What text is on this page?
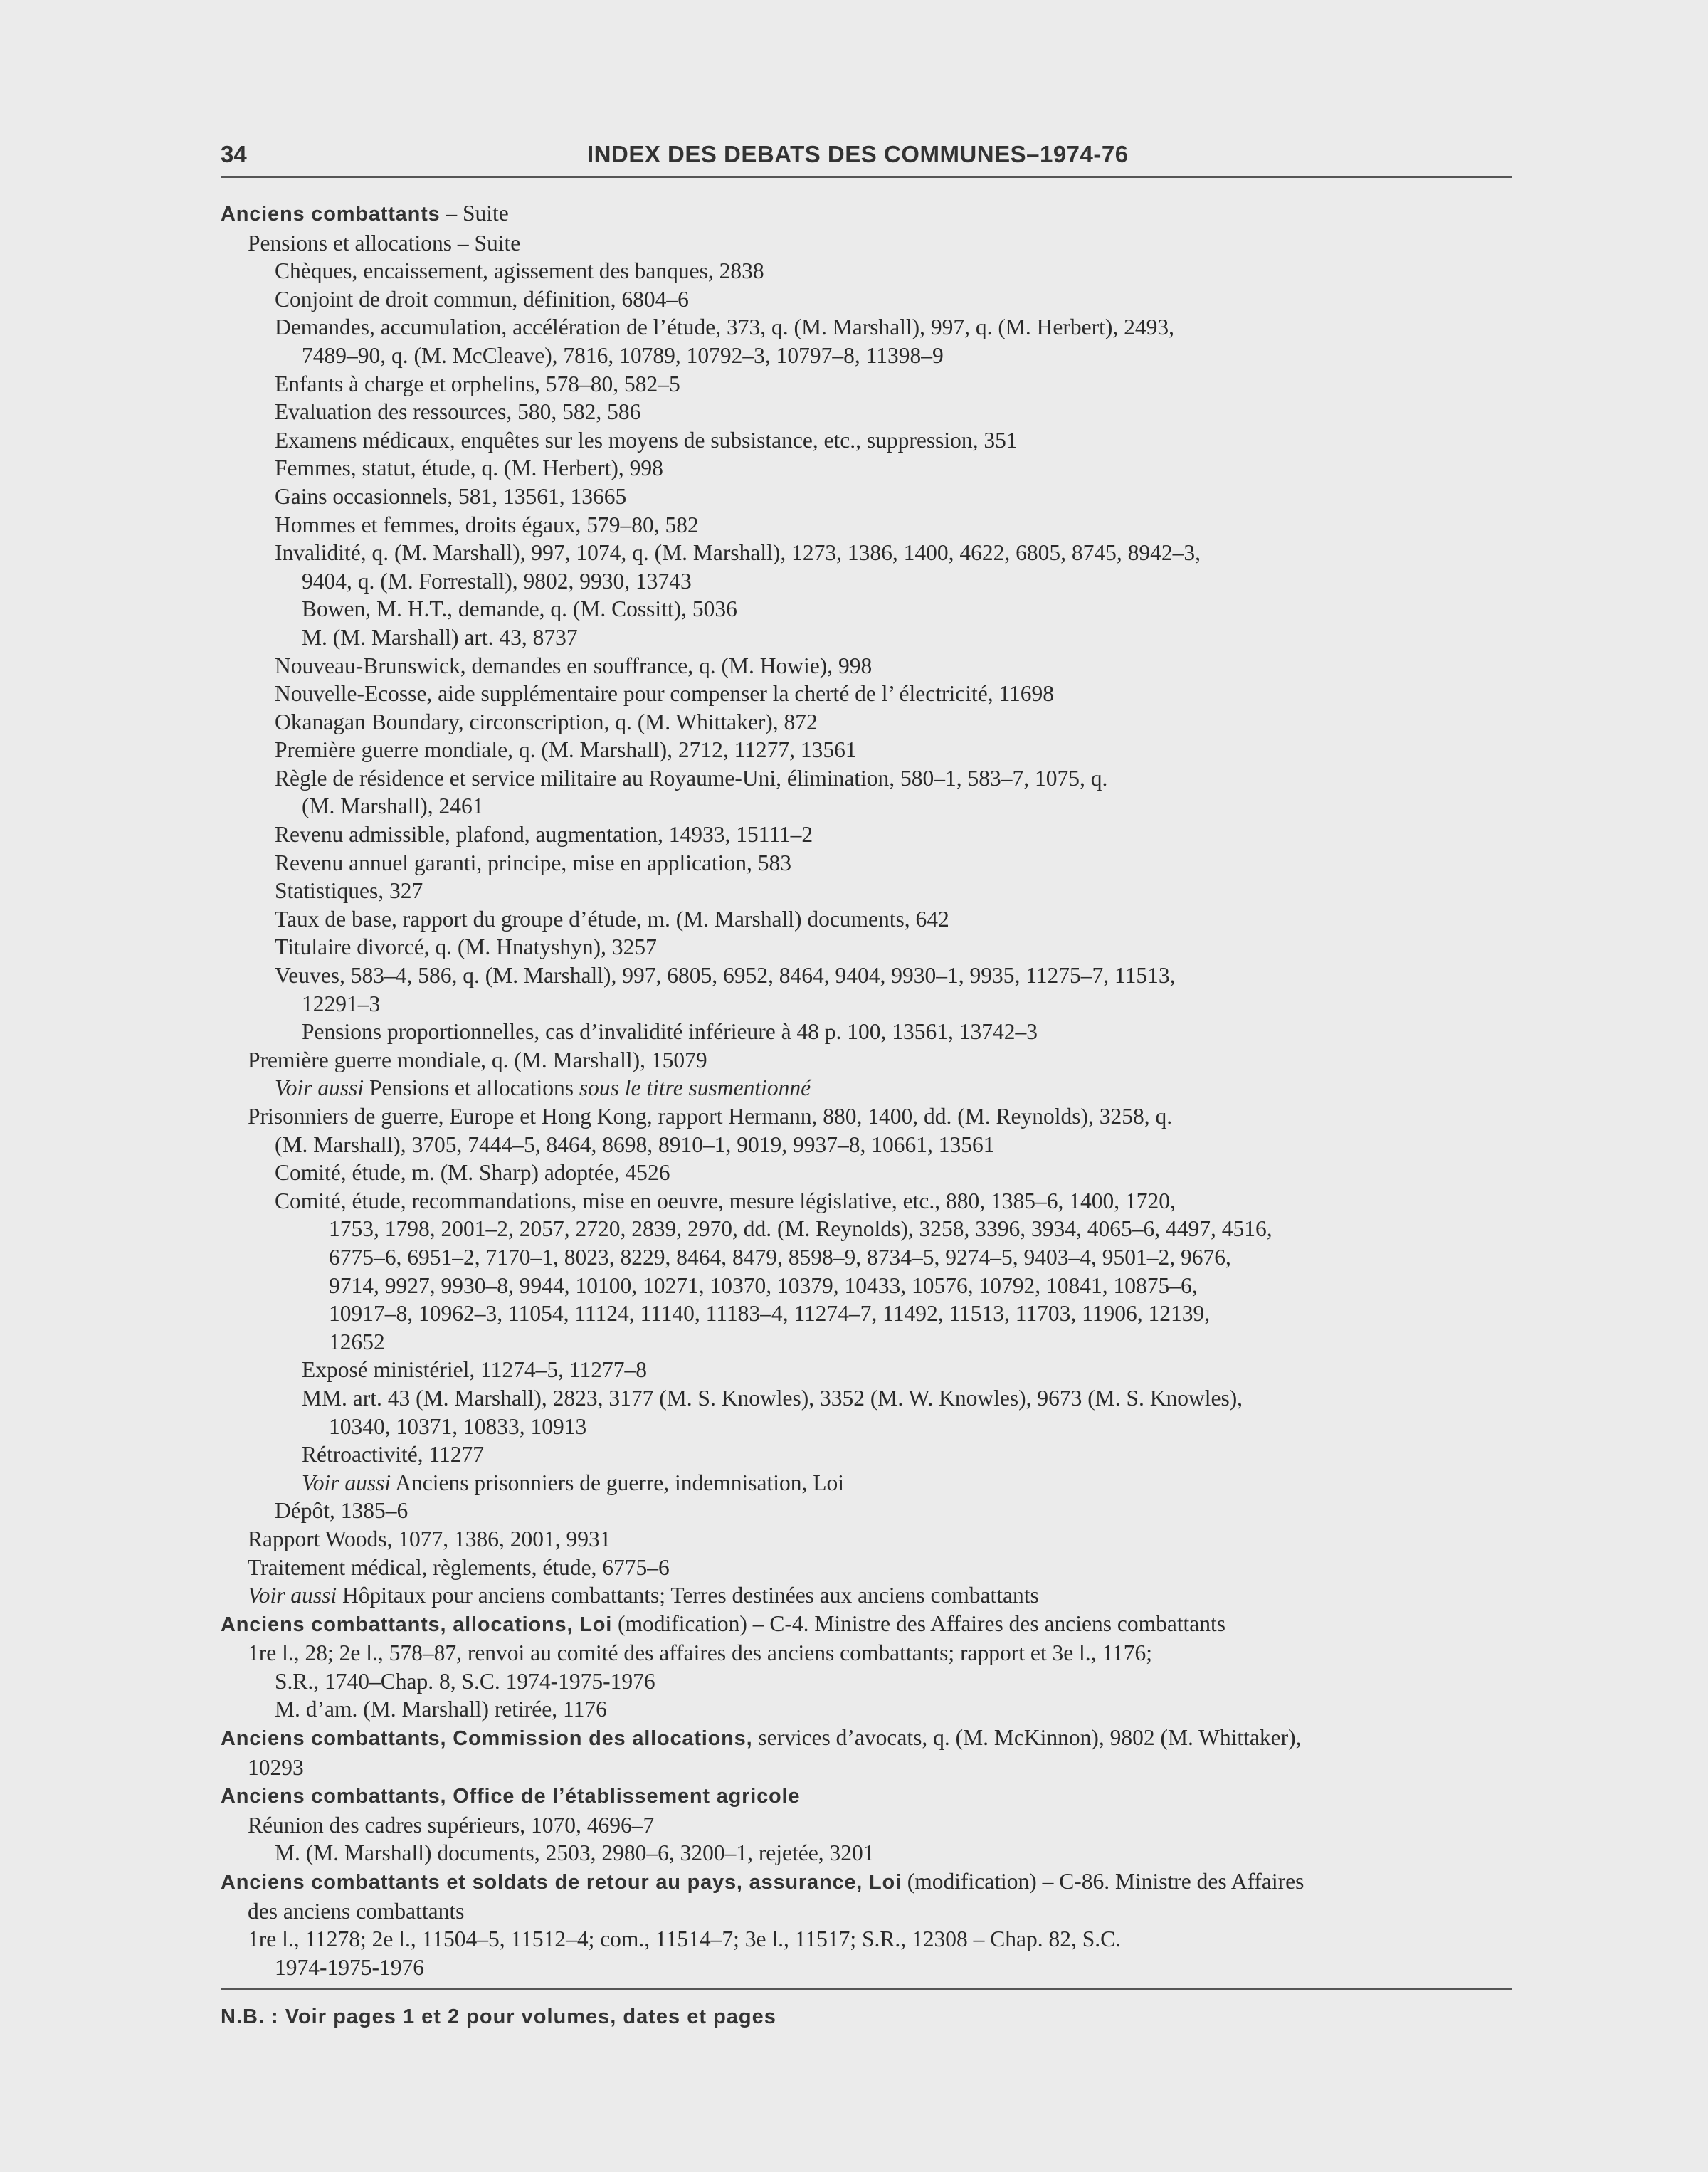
34	INDEX DES DEBATS DES COMMUNES–1974-76
Anciens combattants – Suite
Pensions et allocations – Suite
Chèques, encaissement, agissement des banques, 2838
Conjoint de droit commun, définition, 6804–6
Demandes, accumulation, accélération de l’étude, 373, q. (M. Marshall), 997, q. (M. Herbert), 2493,
7489–90, q. (M. McCleave), 7816, 10789, 10792–3, 10797–8, 11398–9
Enfants à charge et orphelins, 578–80, 582–5
Evaluation des ressources, 580, 582, 586
Examens médicaux, enquêtes sur les moyens de subsistance, etc., suppression, 351
Femmes, statut, étude, q. (M. Herbert), 998
Gains occasionnels, 581, 13561, 13665
Hommes et femmes, droits égaux, 579–80, 582
Invalidité, q. (M. Marshall), 997, 1074, q. (M. Marshall), 1273, 1386, 1400, 4622, 6805, 8745, 8942–3,
9404, q. (M. Forrestall), 9802, 9930, 13743
Bowen, M. H.T., demande, q. (M. Cossitt), 5036
M. (M. Marshall) art. 43, 8737
Nouveau-Brunswick, demandes en souffrance, q. (M. Howie), 998
Nouvelle-Ecosse, aide supplémentaire pour compenser la cherté de l’ électricité, 11698
Okanagan Boundary, circonscription, q. (M. Whittaker), 872
Première guerre mondiale, q. (M. Marshall), 2712, 11277, 13561
Règle de résidence et service militaire au Royaume-Uni, élimination, 580–1, 583–7, 1075, q.
(M. Marshall), 2461
Revenu admissible, plafond, augmentation, 14933, 15111–2
Revenu annuel garanti, principe, mise en application, 583
Statistiques, 327
Taux de base, rapport du groupe d’étude, m. (M. Marshall) documents, 642
Titulaire divorcé, q. (M. Hnatyshyn), 3257
Veuves, 583–4, 586, q. (M. Marshall), 997, 6805, 6952, 8464, 9404, 9930–1, 9935, 11275–7, 11513,
12291–3
Pensions proportionnelles, cas d’invalidité inférieure à 48 p. 100, 13561, 13742–3
Première guerre mondiale, q. (M. Marshall), 15079
Voir aussi Pensions et allocations sous le titre susmentionné
Prisonniers de guerre, Europe et Hong Kong, rapport Hermann, 880, 1400, dd. (M. Reynolds), 3258, q.
(M. Marshall), 3705, 7444–5, 8464, 8698, 8910–1, 9019, 9937–8, 10661, 13561
Comité, étude, m. (M. Sharp) adoptée, 4526
Comité, étude, recommandations, mise en oeuvre, mesure législative, etc., 880, 1385–6, 1400, 1720,
1753, 1798, 2001–2, 2057, 2720, 2839, 2970, dd. (M. Reynolds), 3258, 3396, 3934, 4065–6, 4497, 4516,
6775–6, 6951–2, 7170–1, 8023, 8229, 8464, 8479, 8598–9, 8734–5, 9274–5, 9403–4, 9501–2, 9676,
9714, 9927, 9930–8, 9944, 10100, 10271, 10370, 10379, 10433, 10576, 10792, 10841, 10875–6,
10917–8, 10962–3, 11054, 11124, 11140, 11183–4, 11274–7, 11492, 11513, 11703, 11906, 12139,
12652
Exposé ministériel, 11274–5, 11277–8
MM. art. 43 (M. Marshall), 2823, 3177 (M. S. Knowles), 3352 (M. W. Knowles), 9673 (M. S. Knowles),
10340, 10371, 10833, 10913
Rétroactivité, 11277
Voir aussi Anciens prisonniers de guerre, indemnisation, Loi
Dépôt, 1385–6
Rapport Woods, 1077, 1386, 2001, 9931
Traitement médical, règlements, étude, 6775–6
Voir aussi Hôpitaux pour anciens combattants; Terres destinées aux anciens combattants
Anciens combattants, allocations, Loi (modification) – C-4. Ministre des Affaires des anciens combattants
1re l., 28; 2e l., 578–87, renvoi au comité des affaires des anciens combattants; rapport et 3e l., 1176;
S.R., 1740–Chap. 8, S.C. 1974-1975-1976
M. d’am. (M. Marshall) retirée, 1176
Anciens combattants, Commission des allocations, services d’avocats, q. (M. McKinnon), 9802 (M. Whittaker),
10293
Anciens combattants, Office de l’établissement agricole
Réunion des cadres supérieurs, 1070, 4696–7
M. (M. Marshall) documents, 2503, 2980–6, 3200–1, rejetée, 3201
Anciens combattants et soldats de retour au pays, assurance, Loi (modification) – C-86. Ministre des Affaires
des anciens combattants
1re l., 11278; 2e l., 11504–5, 11512–4; com., 11514–7; 3e l., 11517; S.R., 12308 – Chap. 82, S.C.
1974-1975-1976
N.B. : Voir pages 1 et 2 pour volumes, dates et pages
